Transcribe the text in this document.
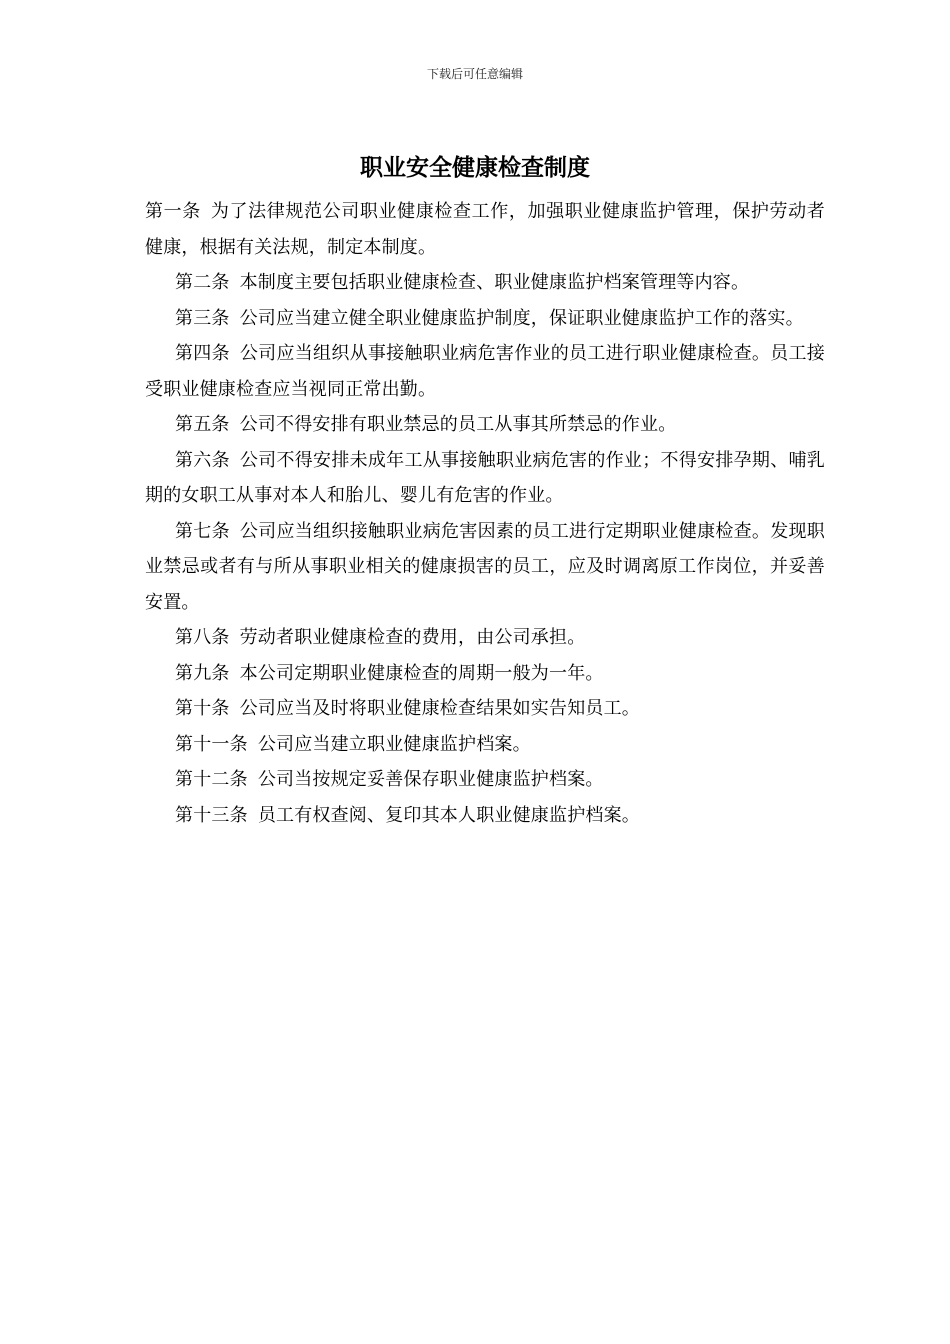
下载后可任意编辑
职业安全健康检查制度

第一条 为了法律规范公司职业健康检查工作，加强职业健康监护管理，保护劳动者健康，根据有关法规，制定本制度。

第二条 本制度主要包括职业健康检查、职业健康监护档案管理等内容。

第三条 公司应当建立健全职业健康监护制度，保证职业健康监护工作的落实。

第四条 公司应当组织从事接触职业病危害作业的员工进行职业健康检查。员工接受职业健康检查应当视同正常出勤。

第五条 公司不得安排有职业禁忌的员工从事其所禁忌的作业。

第六条 公司不得安排未成年工从事接触职业病危害的作业；不得安排孕期、哺乳期的女职工从事对本人和胎儿、婴儿有危害的作业。

第七条 公司应当组织接触职业病危害因素的员工进行定期职业健康检查。发现职业禁忌或者有与所从事职业相关的健康损害的员工，应及时调离原工作岗位，并妥善安置。

第八条 劳动者职业健康检查的费用，由公司承担。

第九条 本公司定期职业健康检查的周期一般为一年。

第十条 公司应当及时将职业健康检查结果如实告知员工。

第十一条 公司应当建立职业健康监护档案。

第十二条 公司当按规定妥善保存职业健康监护档案。

第十三条 员工有权查阅、复印其本人职业健康监护档案。
